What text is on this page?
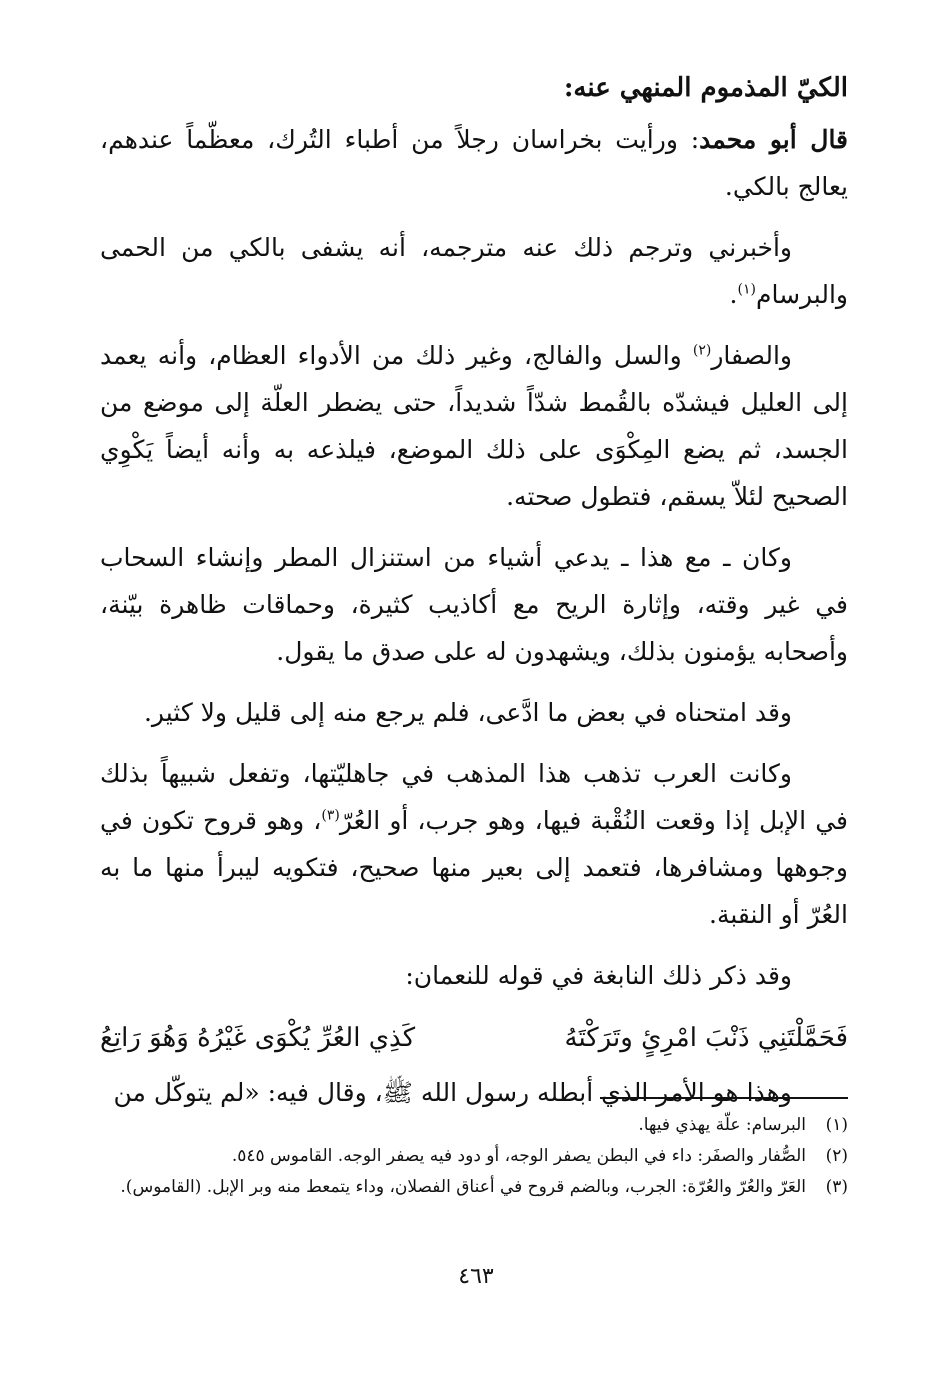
الكيّ المذموم المنهي عنه:

قال أبو محمد: ورأيت بخراسان رجلاً من أطباء التُرك، معظّماً عندهم، يعالج بالكي.

وأخبرني وترجم ذلك عنه مترجمه، أنه يشفى بالكي من الحمى والبرسام$^{(١)}$.

والصفار$^{(٢)}$ والسل والفالج، وغير ذلك من الأدواء العظام، وأنه يعمد إلى العليل فيشدّه بالقُمط شدّاً شديداً، حتى يضطر العلّة إلى موضع من الجسد، ثم يضع المِكْوَى على ذلك الموضع، فيلذعه به وأنه أيضاً يَكْوِي الصحيح لئلاّ يسقم، فتطول صحته.

وكان ـ مع هذا ـ يدعي أشياء من استنزال المطر وإنشاء السحاب في غير وقته، وإثارة الريح مع أكاذيب كثيرة، وحماقات ظاهرة بيّنة، وأصحابه يؤمنون بذلك، ويشهدون له على صدق ما يقول.

وقد امتحناه في بعض ما ادَّعى، فلم يرجع منه إلى قليل ولا كثير.

وكانت العرب تذهب هذا المذهب في جاهليّتها، وتفعل شبيهاً بذلك في الإبل إذا وقعت النُقْبة فيها، وهو جرب، أو العُرّ$^{(٣)}$، وهو قروح تكون في وجوهها ومشافرها، فتعمد إلى بعير منها صحيح، فتكويه ليبرأ منها ما به العُرّ أو النقبة.

وقد ذكر ذلك النابغة في قوله للنعمان:

فَحَمَّلْتَنِي ذَنْبَ امْرِئٍ وتَرَكْتَهُ
كَذِي العُرِّ يُكْوَى غَيْرُهُ وَهُوَ رَاتِعُ

وهذا هو الأمر الذي أبطله رسول الله ﷺ، وقال فيه: «لم يتوكّل من

(١)
البرسام: علّة يهذي فيها.
(٢)
الصُّفار والصفَر: داء في البطن يصفر الوجه، أو دود فيه يصفر الوجه. القاموس ٥٤٥.
(٣)
العَرّ والعُرّ والعُرّة: الجرب، وبالضم قروح في أعناق الفصلان، وداء يتمعط منه وبر الإبل. (القاموس).
٤٦٣
